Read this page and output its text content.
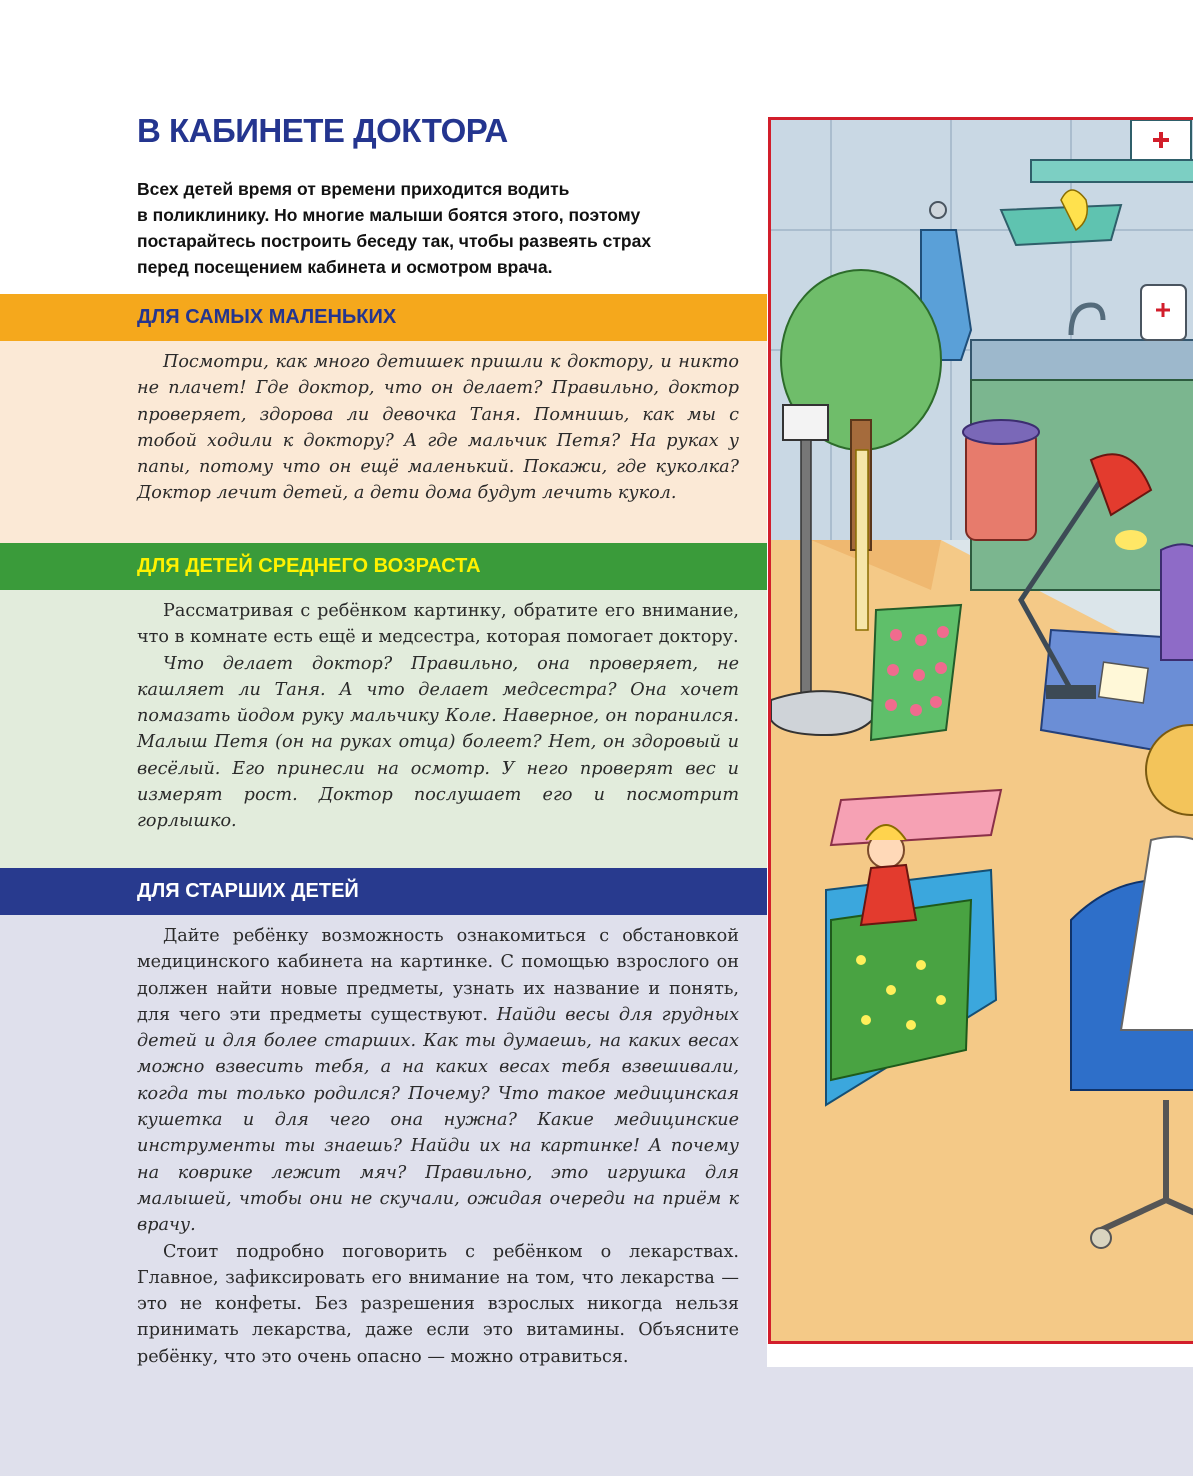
В КАБИНЕТЕ ДОКТОРА
Всех детей время от времени приходится водить
в поликлинику. Но многие малыши боятся этого, поэтому
постарайтесь построить беседу так, чтобы развеять страх
перед посещением кабинета и осмотром врача.
ДЛЯ САМЫХ МАЛЕНЬКИХ

Посмотри, как много детишек пришли к доктору, и никто не плачет! Где доктор, что он делает? Правильно, доктор проверяет, здорова ли девочка Таня. Помнишь, как мы с тобой ходили к доктору? А где мальчик Петя? На руках у папы, потому что он ещё маленький. Покажи, где куколка? Доктор лечит детей, а дети дома будут лечить кукол.

ДЛЯ ДЕТЕЙ СРЕДНЕГО ВОЗРАСТА

Рассматривая с ребёнком картинку, обратите его внимание, что в комнате есть ещё и медсестра, которая помогает доктору.

Что делает доктор? Правильно, она проверяет, не кашляет ли Таня. А что делает медсестра? Она хочет помазать йодом руку мальчику Коле. Наверное, он поранился. Малыш Петя (он на руках отца) болеет? Нет, он здоровый и весёлый. Его принесли на осмотр. У него проверят вес и измерят рост. Доктор послушает его и посмотрит горлышко.

ДЛЯ СТАРШИХ ДЕТЕЙ

Дайте ребёнку возможность ознакомиться с обстановкой медицинского кабинета на картинке. С помощью взрослого он должен найти новые предметы, узнать их название и понять, для чего эти предметы существуют. Найди весы для грудных детей и для более старших. Как ты думаешь, на каких весах можно взвесить тебя, а на каких весах тебя взвешивали, когда ты только родился? Почему? Что такое медицинская кушетка и для чего она нужна? Какие медицинские инструменты ты знаешь? Найди их на картинке! А почему на коврике лежит мяч? Правильно, это игрушка для малышей, чтобы они не скучали, ожидая очереди на приём к врачу.

Стоит подробно поговорить с ребёнком о лекарствах. Главное, зафиксировать его внимание на том, что лекарства — это не конфеты. Без разрешения взрослых никогда нельзя принимать лекарства, даже если это витамины. Объясните ребёнку, что это очень опасно — можно отравиться.
